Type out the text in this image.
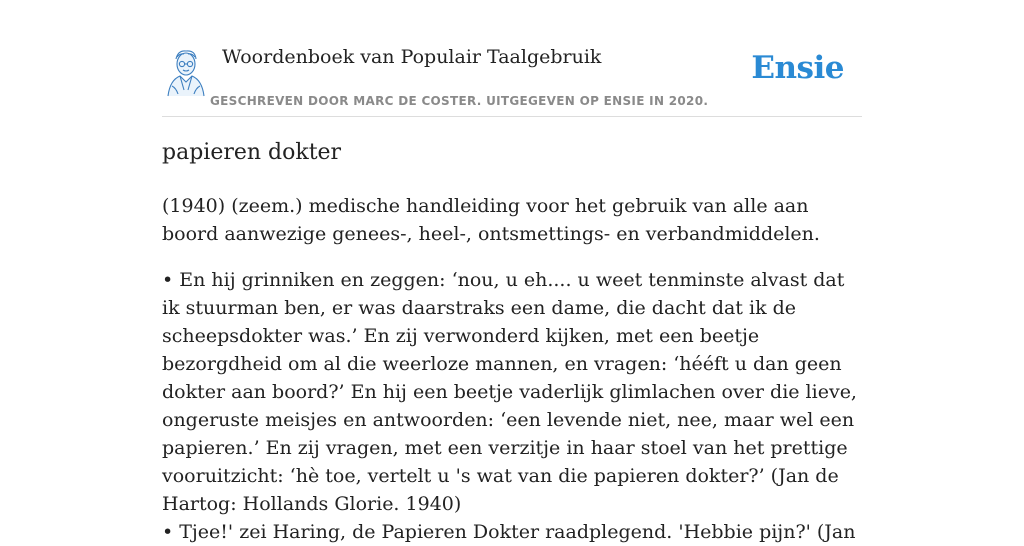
Woordenboek van Populair Taalgebruik
GESCHREVEN DOOR MARC DE COSTER. UITGEGEVEN OP ENSIE IN 2020.
Ensie
papieren dokter

(1940) (zeem.) medische handleiding voor het gebruik van alle aan boord aanwezige genees-, heel-, ontsmettings- en verbandmiddelen.

• En hij grinniken en zeggen: ‘nou, u eh.... u weet tenminste alvast dat ik stuurman ben, er was daarstraks een dame, die dacht dat ik de scheepsdokter was.’ En zij verwonderd kijken, met een beetje bezorgdheid om al die weerloze mannen, en vragen: ‘hééft u dan geen dokter aan boord?’ En hij een beetje vaderlijk glimlachen over die lieve, ongeruste meisjes en antwoorden: ‘een levende niet, nee, maar wel een papieren.’ En zij vragen, met een verzitje in haar stoel van het prettige vooruitzicht: ‘hè toe, vertelt u 's wat van die papieren dokter?’ (Jan de Hartog: Hollands Glorie. 1940)

• Tjee!' zei Haring, de Papieren Dokter raadplegend. 'Hebbie pijn?' (Jan
